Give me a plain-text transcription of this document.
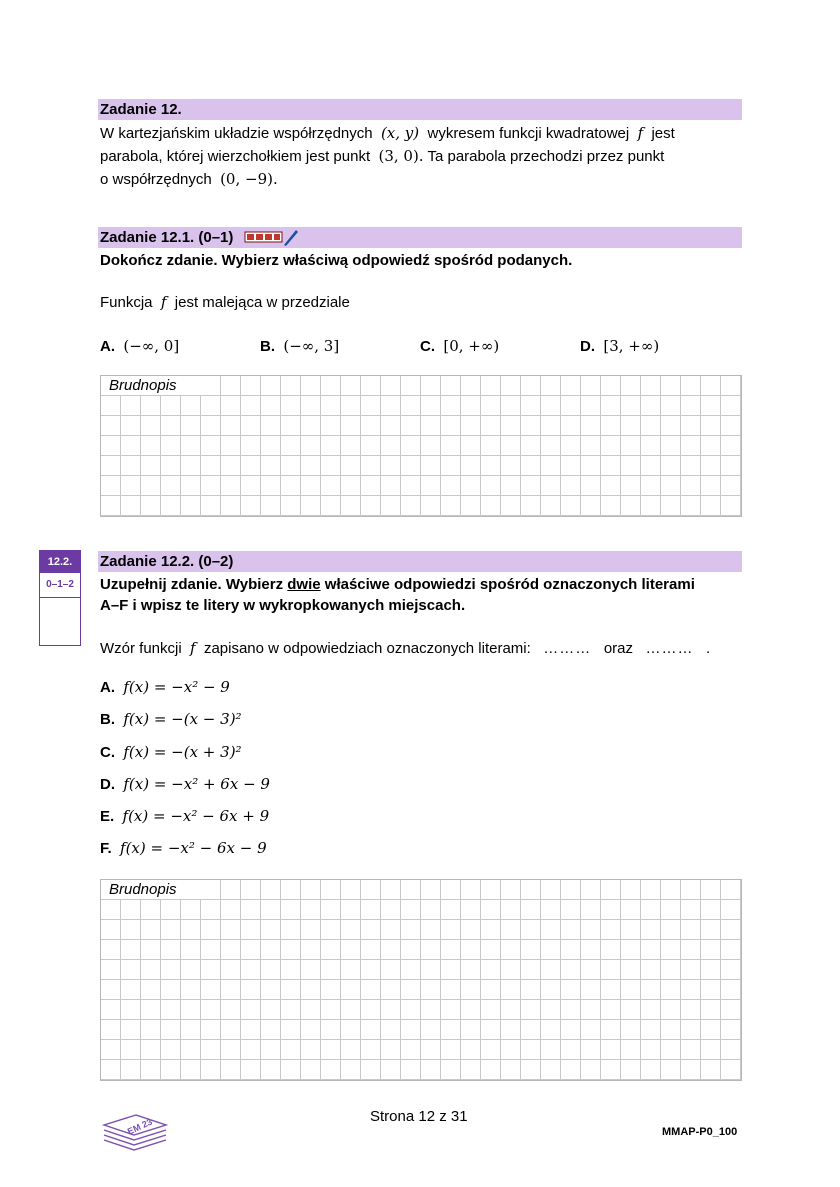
Zadanie 12.
W kartezjańskim układzie współrzędnych (x, y) wykresem funkcji kwadratowej f jest
parabola, której wierzchołkiem jest punkt (3, 0). Ta parabola przechodzi przez punkt
o współrzędnych (0, −9).
Zadanie 12.1. (0–1)
Dokończ zdanie. Wybierz właściwą odpowiedź spośród podanych.
Funkcja f jest malejąca w przedziale
A. (−∞, 0]	B. (−∞, 3]	C. [0, +∞)	D. [3, +∞)
Brudnopis
12.2.
0–1–2
Zadanie 12.2. (0–2)
Uzupełnij zdanie. Wybierz dwie właściwe odpowiedzi spośród oznaczonych literami
A–F i wpisz te litery w wykropkowanych miejscach.
Wzór funkcji f zapisano w odpowiedziach oznaczonych literami: ……… oraz ……… .
A. f(x) = −x² − 9
B. f(x) = −(x − 3)²
C. f(x) = −(x + 3)²
D. f(x) = −x² + 6x − 9
E. f(x) = −x² − 6x + 9
F. f(x) = −x² − 6x − 9
Brudnopis
EM 23
Strona 12 z 31
MMAP-P0_100
